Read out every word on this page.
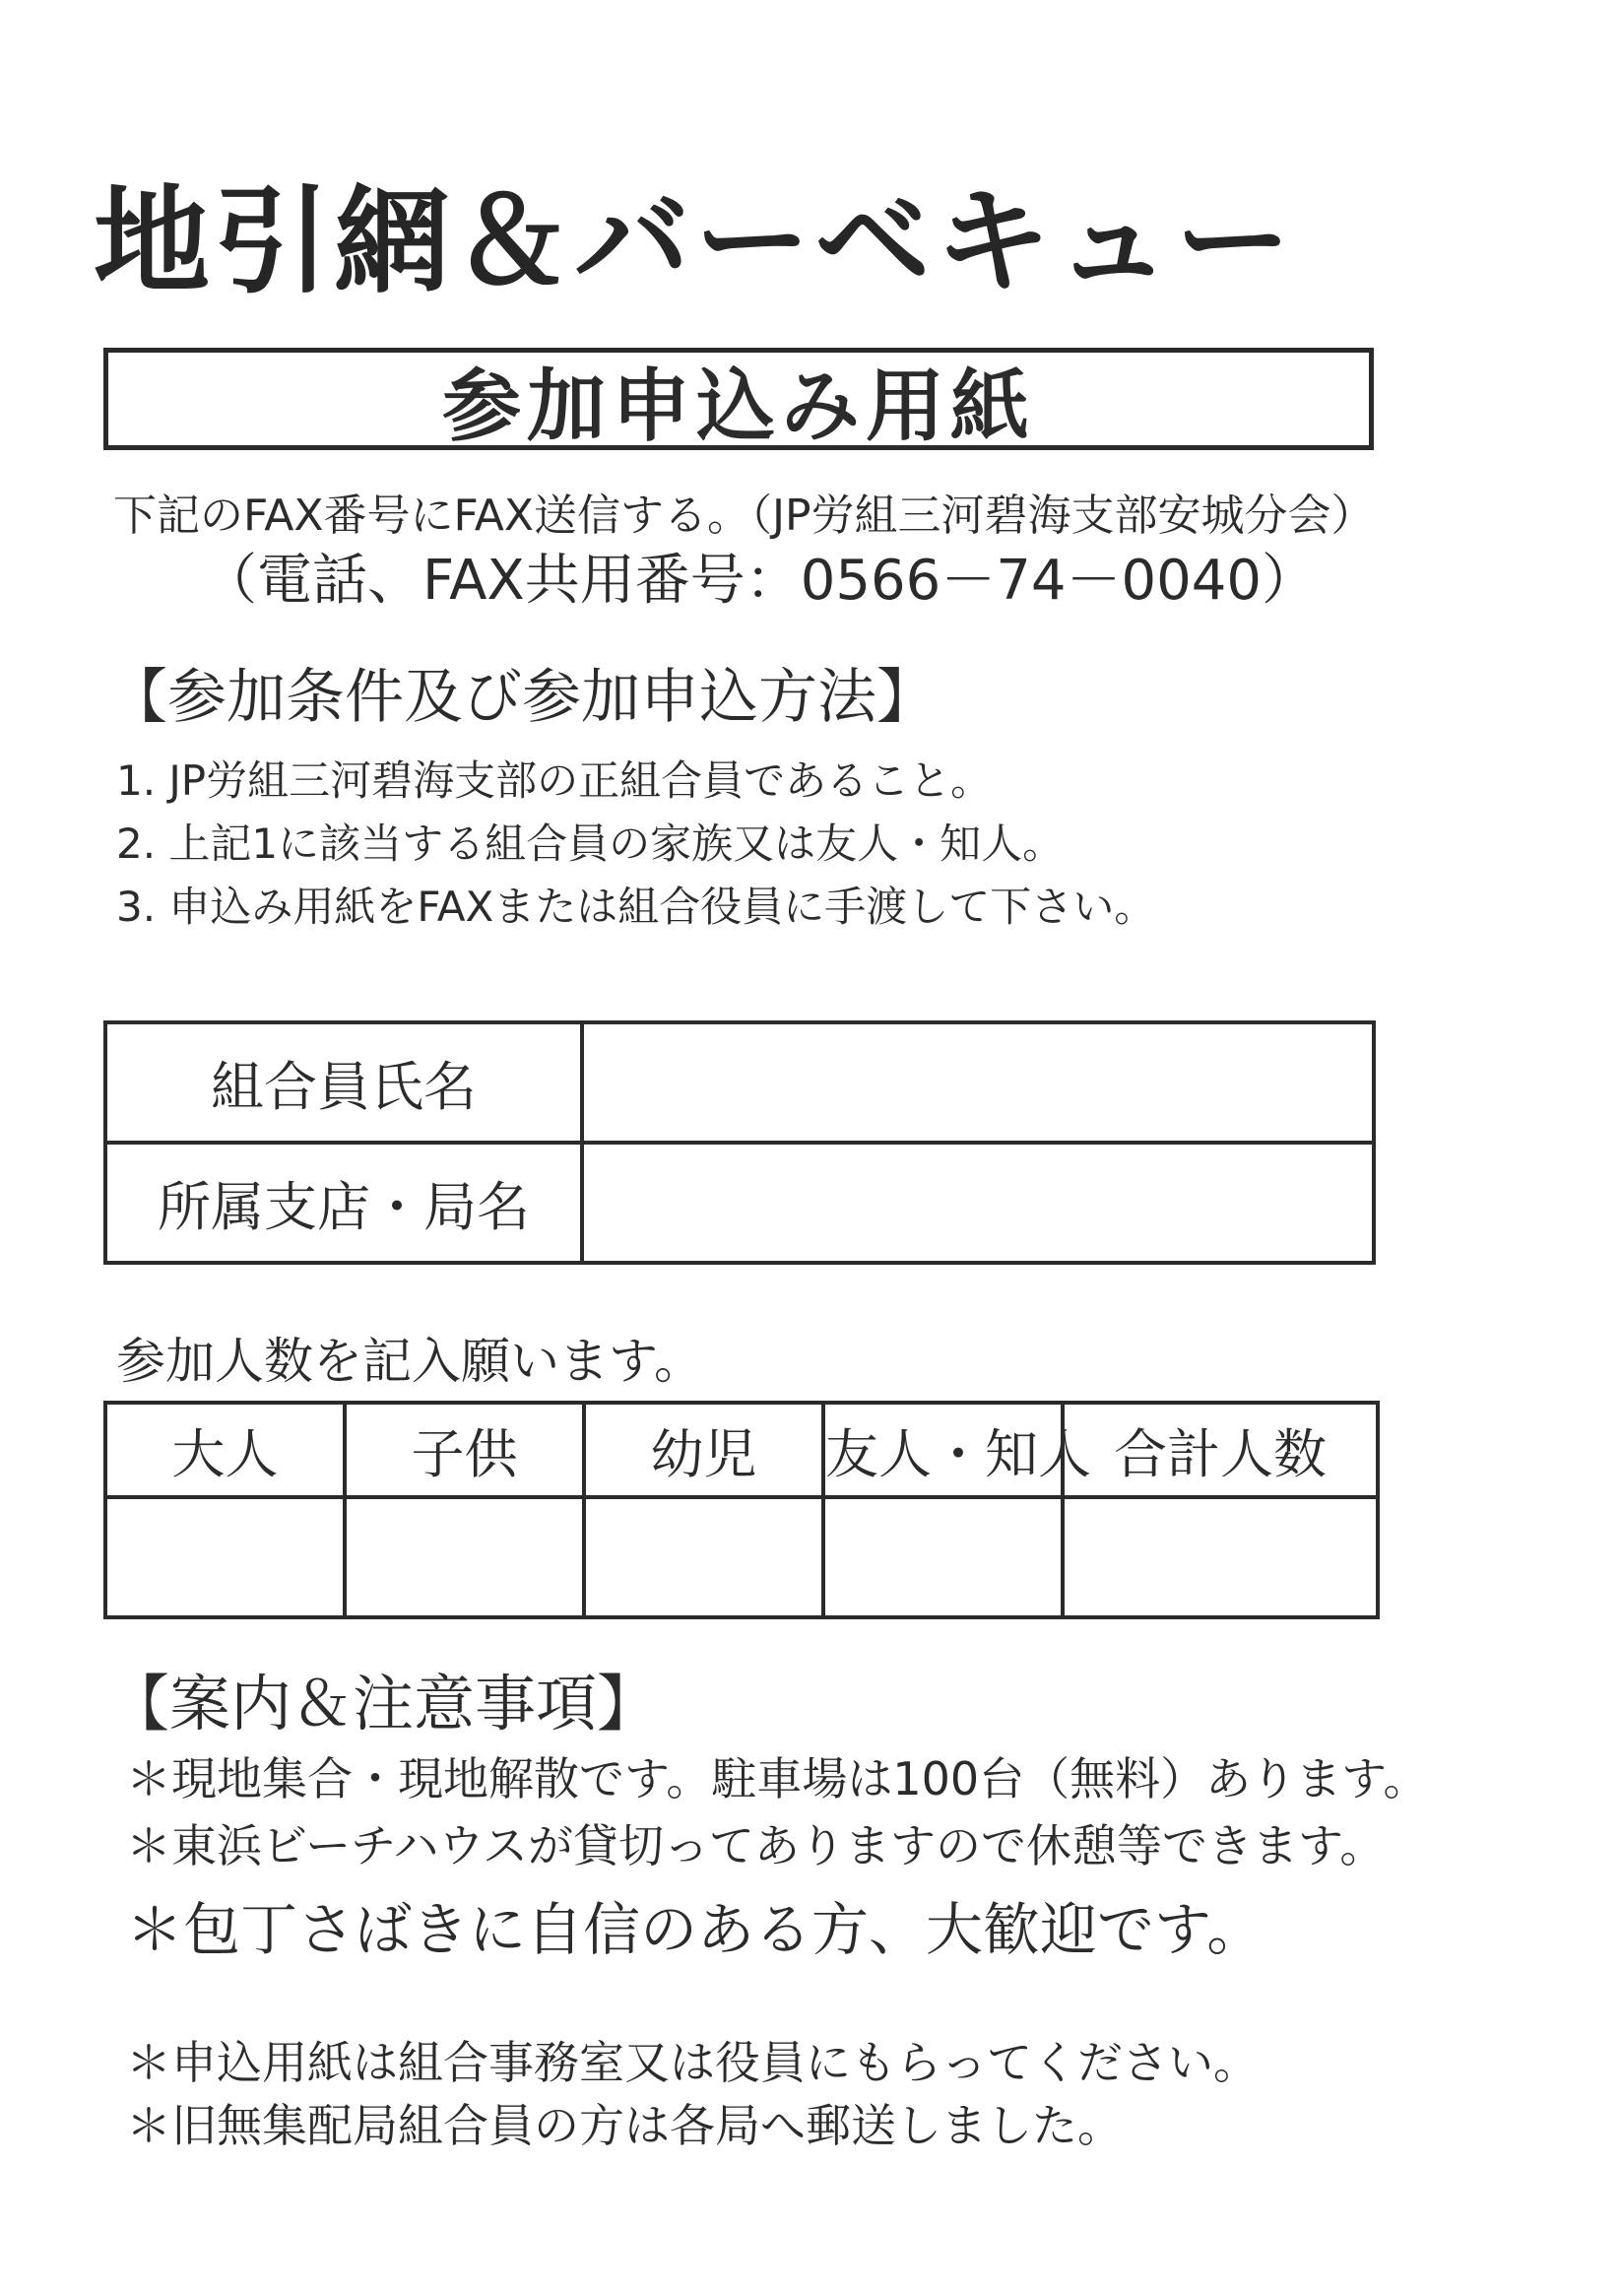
地引網＆バーベキュー
参加申込み用紙
下記のFAX番号にFAX送信する。（JP労組三河碧海支部安城分会）
（電話、FAX共用番号：0566－74－0040）
【参加条件及び参加申込方法】
1. JP労組三河碧海支部の正組合員であること。
2. 上記1に該当する組合員の家族又は友人・知人。
3. 申込み用紙をFAXまたは組合役員に手渡して下さい。
組合員氏名	
所属支店・局名	
参加人数を記入願います。
大人	子供	幼児	友人・知人	合計人数

【案内＆注意事項】
＊現地集合・現地解散です。駐車場は100台（無料）あります。
＊東浜ビーチハウスが貸切ってありますので休憩等できます。
＊包丁さばきに自信のある方、大歓迎です。
＊申込用紙は組合事務室又は役員にもらってください。
＊旧無集配局組合員の方は各局へ郵送しました。
